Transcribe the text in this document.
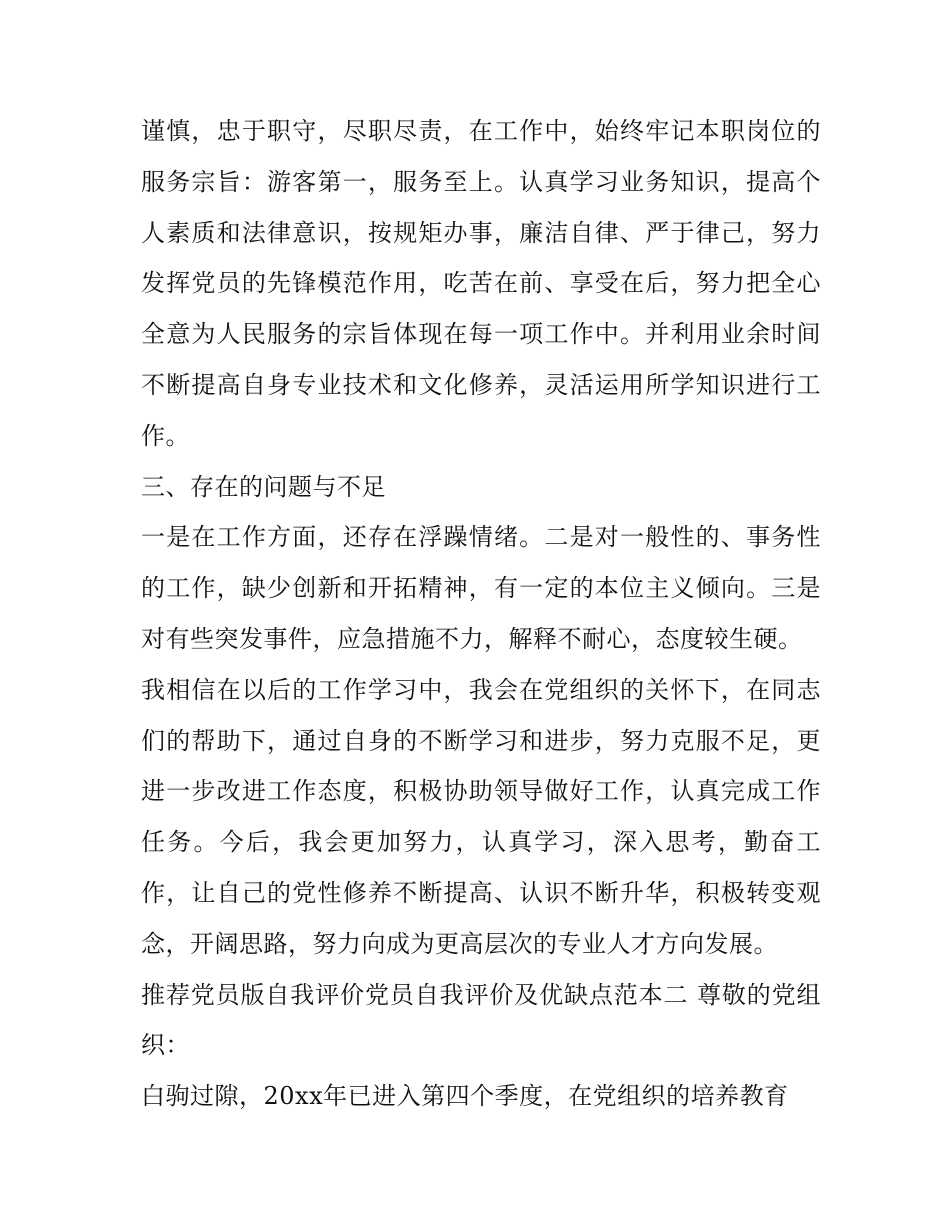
谨慎，忠于职守，尽职尽责，在工作中，始终牢记本职岗位的服务宗旨：游客第一，服务至上。认真学习业务知识，提高个人素质和法律意识，按规矩办事，廉洁自律、严于律己，努力发挥党员的先锋模范作用，吃苦在前、享受在后，努力把全心全意为人民服务的宗旨体现在每一项工作中。并利用业余时间不断提高自身专业技术和文化修养，灵活运用所学知识进行工作。

三、存在的问题与不足

一是在工作方面，还存在浮躁情绪。二是对一般性的、事务性的工作，缺少创新和开拓精神，有一定的本位主义倾向。三是对有些突发事件，应急措施不力，解释不耐心，态度较生硬。

我相信在以后的工作学习中，我会在党组织的关怀下，在同志们的帮助下，通过自身的不断学习和进步，努力克服不足，更进一步改进工作态度，积极协助领导做好工作，认真完成工作任务。今后，我会更加努力，认真学习，深入思考，勤奋工作，让自己的党性修养不断提高、认识不断升华，积极转变观念，开阔思路，努力向成为更高层次的专业人才方向发展。

推荐党员版自我评价党员自我评价及优缺点范本二 尊敬的党组织：

白驹过隙，20xx年已进入第四个季度，在党组织的培养教育
